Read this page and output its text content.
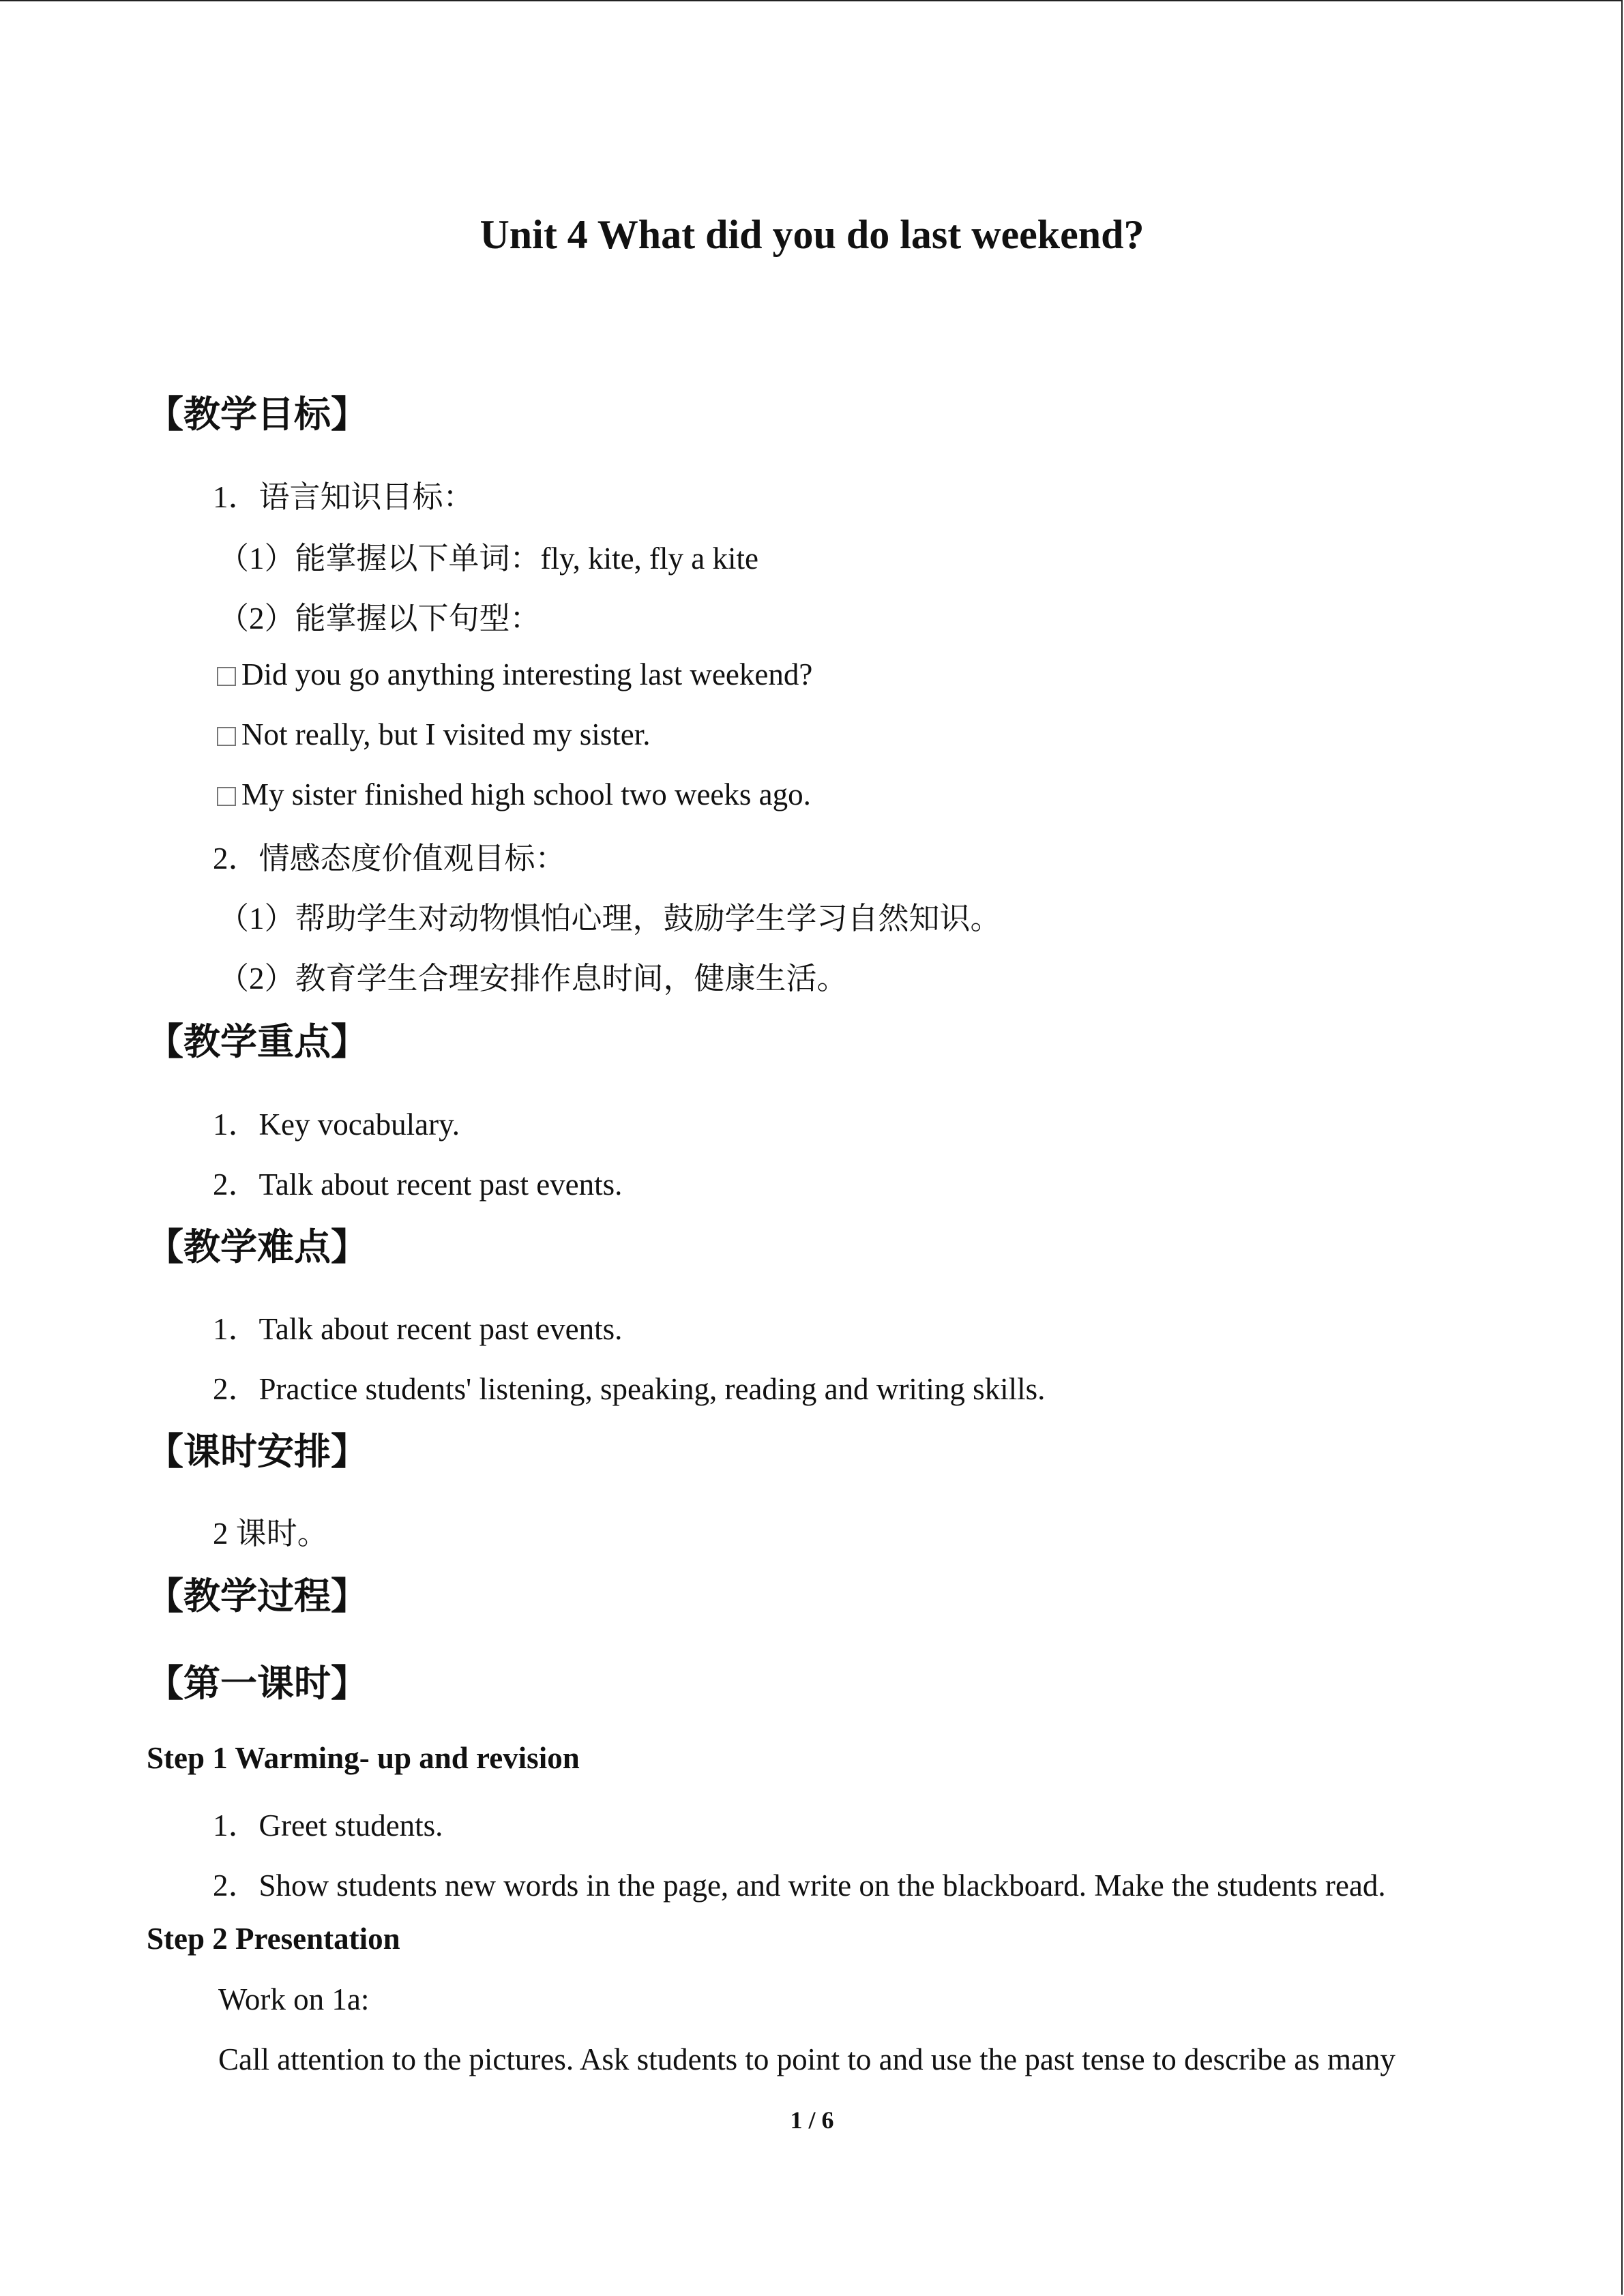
Unit 4 What did you do last weekend?
【教学目标】
1．语言知识目标：
（1）能掌握以下单词：fly, kite, fly a kite
（2）能掌握以下句型：
Did you go anything interesting last weekend?
Not really, but I visited my sister.
My sister finished high school two weeks ago.
2．情感态度价值观目标：
（1）帮助学生对动物惧怕心理，鼓励学生学习自然知识。
（2）教育学生合理安排作息时间，健康生活。
【教学重点】
1．Key vocabulary.
2．Talk about recent past events.
【教学难点】
1．Talk about recent past events.
2．Practice students' listening, speaking, reading and writing skills.
【课时安排】
2 课时。
【教学过程】
【第一课时】
Step 1 Warming- up and revision
1．Greet students.
2．Show students new words in the page, and write on the blackboard. Make the students read.
Step 2 Presentation
Work on 1a:
Call attention to the pictures. Ask students to point to and use the past tense to describe as many
1 / 6
